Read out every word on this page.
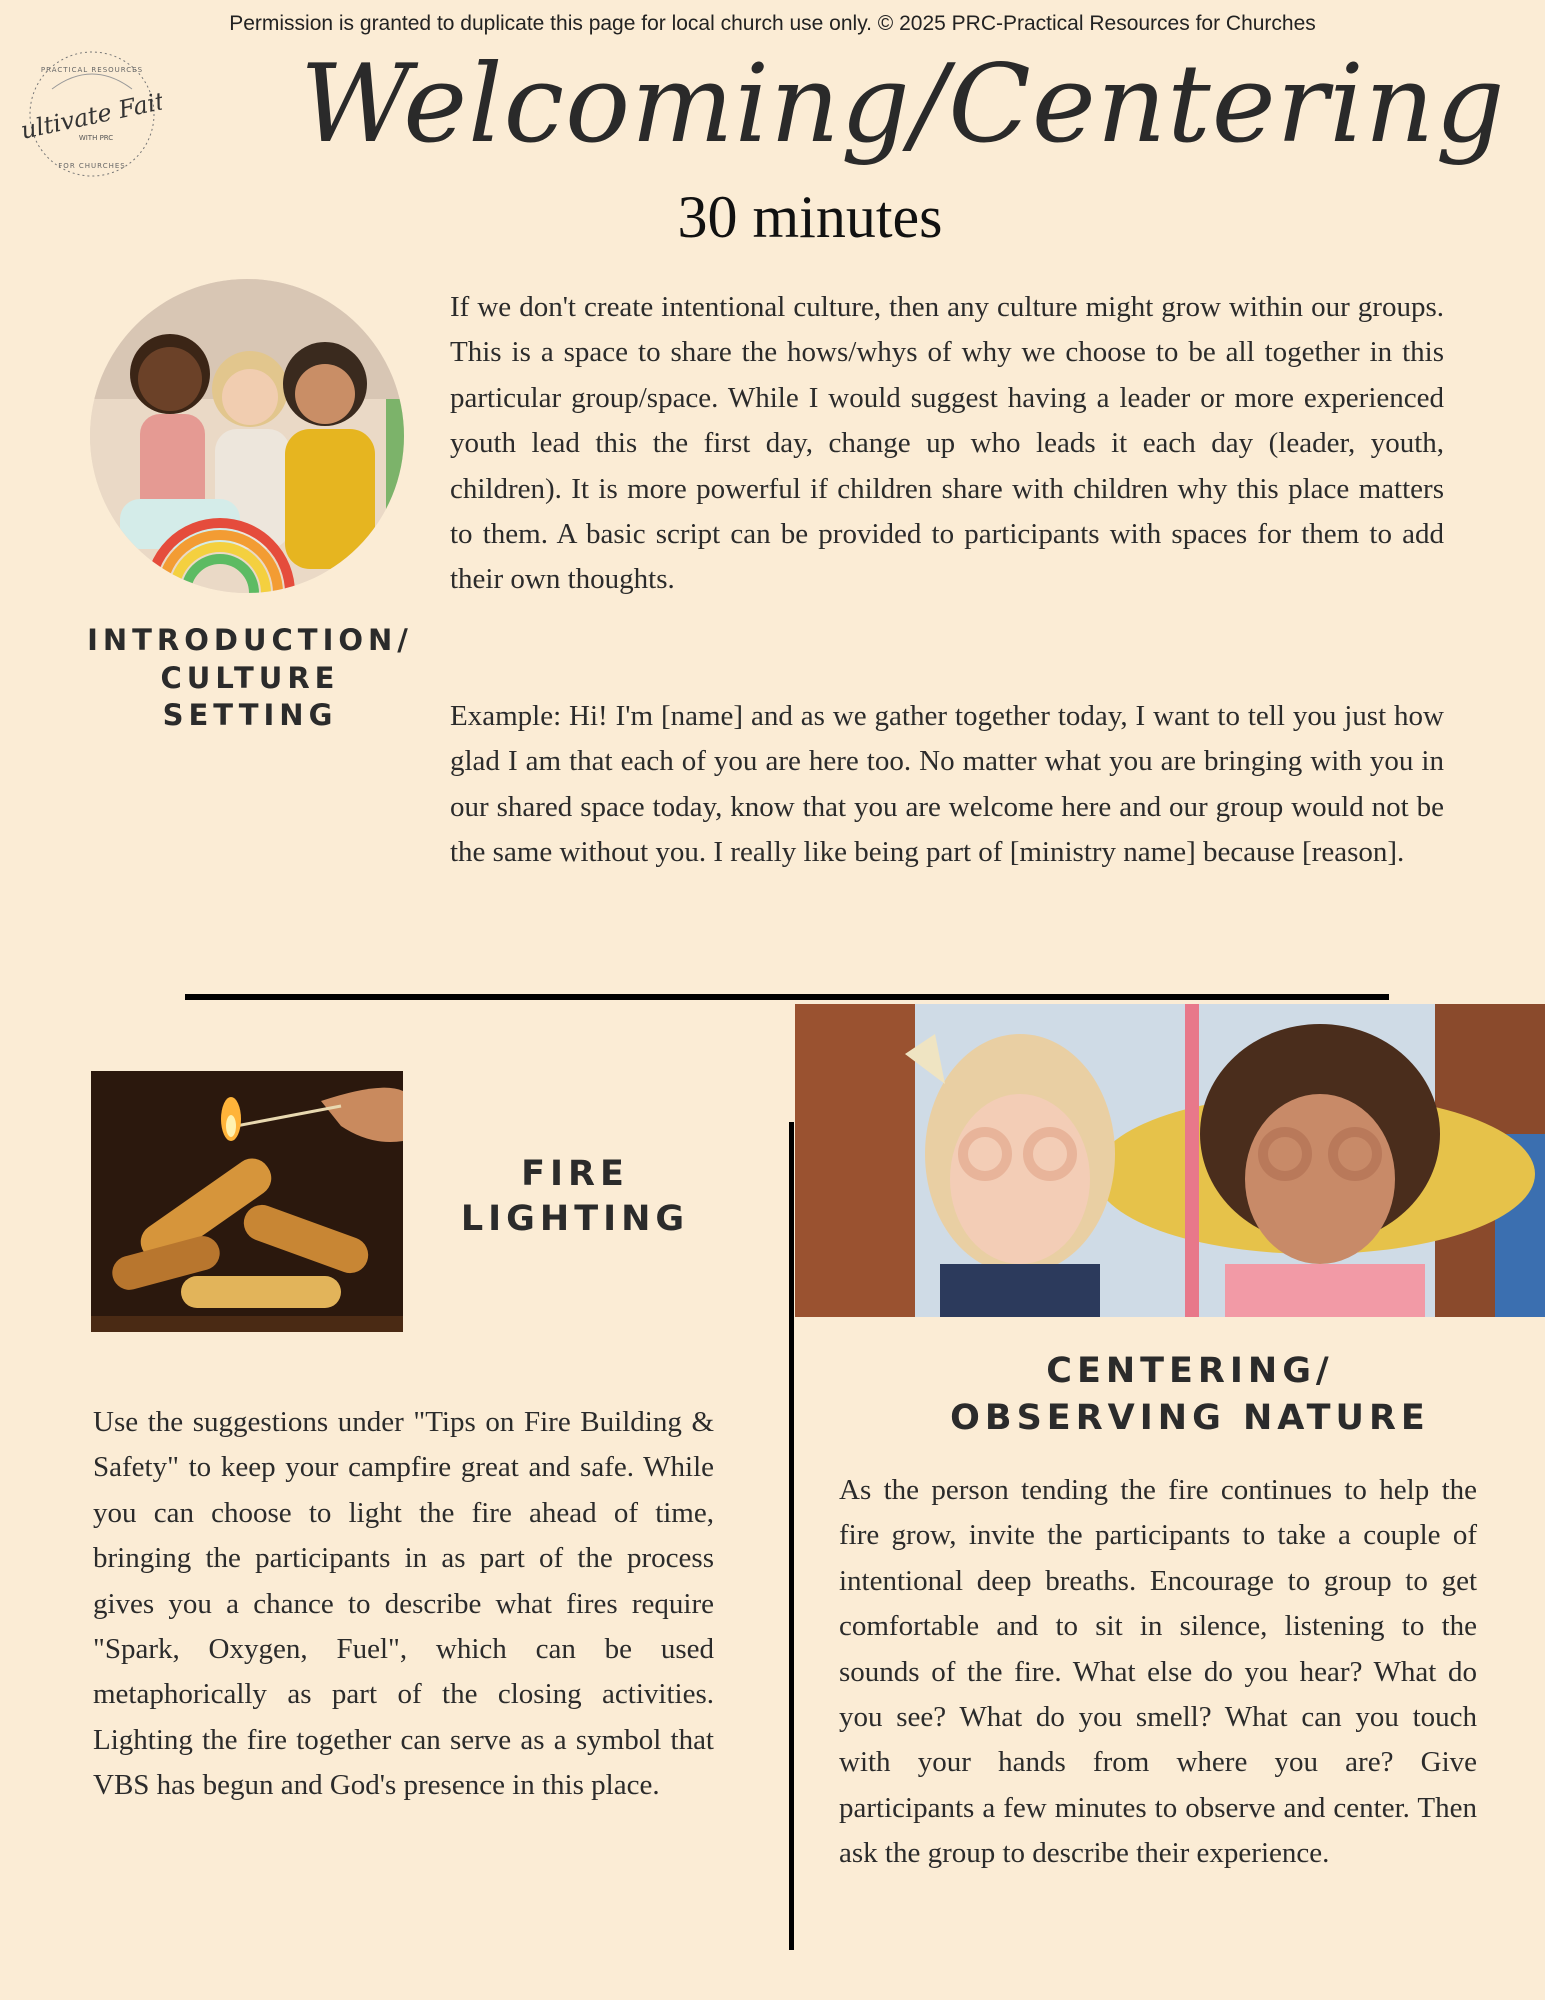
Permission is granted to duplicate this page for local church use only. © 2025 PRC-Practical Resources for Churches
PRACTICAL RESOURCES
Cultivate Faith
WITH PRC
FOR CHURCHES Welcoming/Centering
30 minutes
INTRODUCTION/
CULTURE SETTING
If we don't create intentional culture, then any culture might grow within our groups. This is a space to share the hows/whys of why we choose to be all together in this particular group/space. While I would suggest having a leader or more experienced youth lead this the first day, change up who leads it each day (leader, youth, children). It is more powerful if children share with children why this place matters to them. A basic script can be provided to participants with spaces for them to add their own thoughts.
Example: Hi! I'm [name] and as we gather together today, I want to tell you just how glad I am that each of you are here too. No matter what you are bringing with you in our shared space today, know that you are welcome here and our group would not be the same without you. I really like being part of [ministry name] because [reason].
FIRE
LIGHTING
Use the suggestions under "Tips on Fire Building & Safety" to keep your campfire great and safe. While you can choose to light the fire ahead of time, bringing the participants in as part of the process gives you a chance to describe what fires require "Spark, Oxygen, Fuel", which can be used metaphorically as part of the closing activities. Lighting the fire together can serve as a symbol that VBS has begun and God's presence in this place.
CENTERING/
OBSERVING NATURE
As the person tending the fire continues to help the fire grow, invite the participants to take a couple of intentional deep breaths. Encourage to group to get comfortable and to sit in silence, listening to the sounds of the fire. What else do you hear? What do you see? What do you smell? What can you touch with your hands from where you are? Give participants a few minutes to observe and center. Then ask the group to describe their experience.
